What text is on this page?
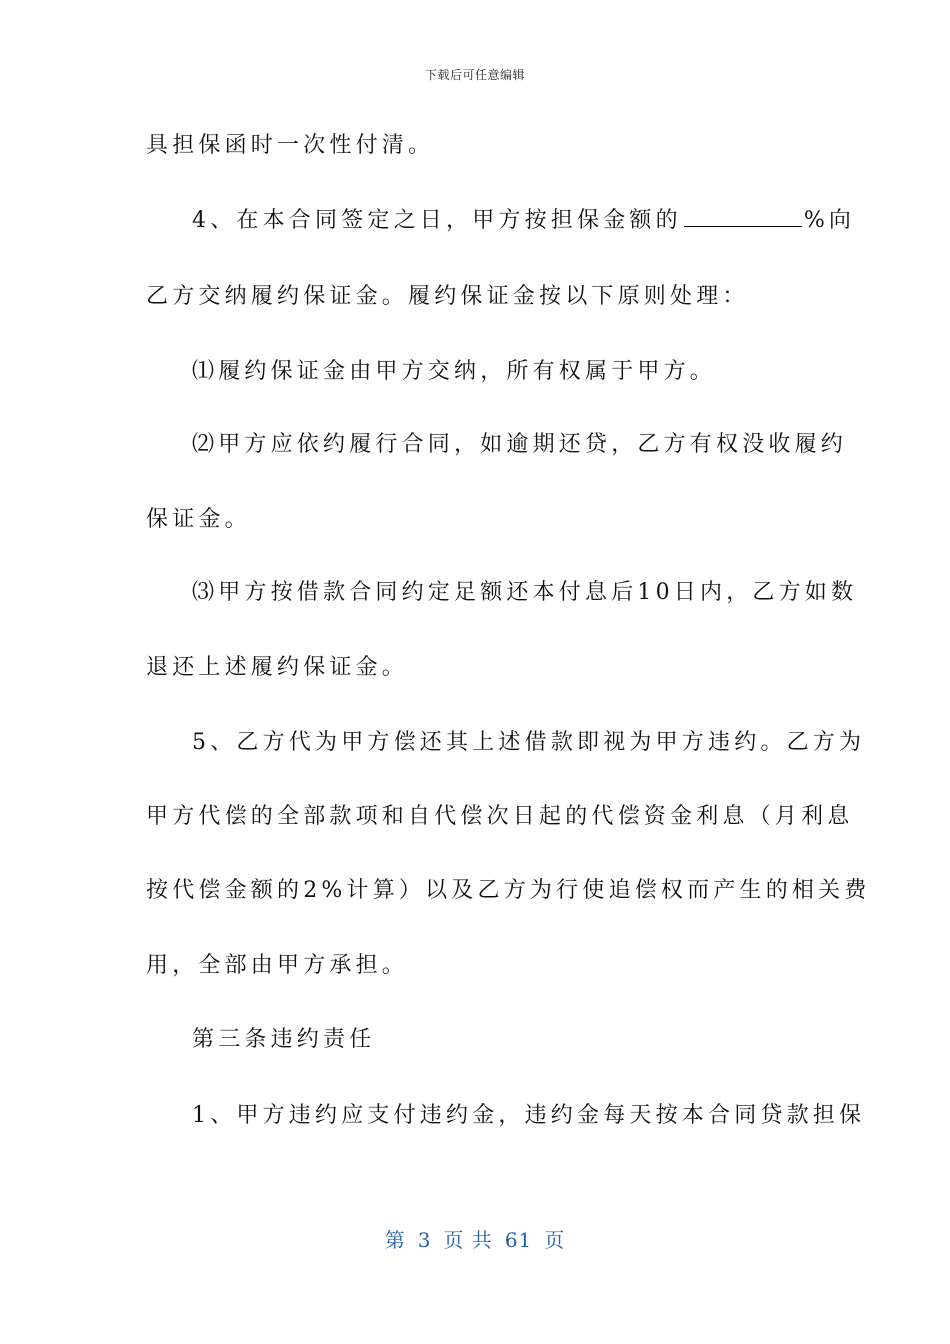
下载后可任意编辑
具担保函时一次性付清。
4、在本合同签定之日，甲方按担保金额的	%向
乙方交纳履约保证金。履约保证金按以下原则处理：
⑴履约保证金由甲方交纳，所有权属于甲方。
⑵甲方应依约履行合同，如逾期还贷，乙方有权没收履约
保证金。
⑶甲方按借款合同约定足额还本付息后10日内，乙方如数
退还上述履约保证金。
5、乙方代为甲方偿还其上述借款即视为甲方违约。乙方为
甲方代偿的全部款项和自代偿次日起的代偿资金利息（月利息
按代偿金额的2%计算）以及乙方为行使追偿权而产生的相关费
用，全部由甲方承担。
第三条违约责任
1、甲方违约应支付违约金，违约金每天按本合同贷款担保
第 3 页 共 61 页
